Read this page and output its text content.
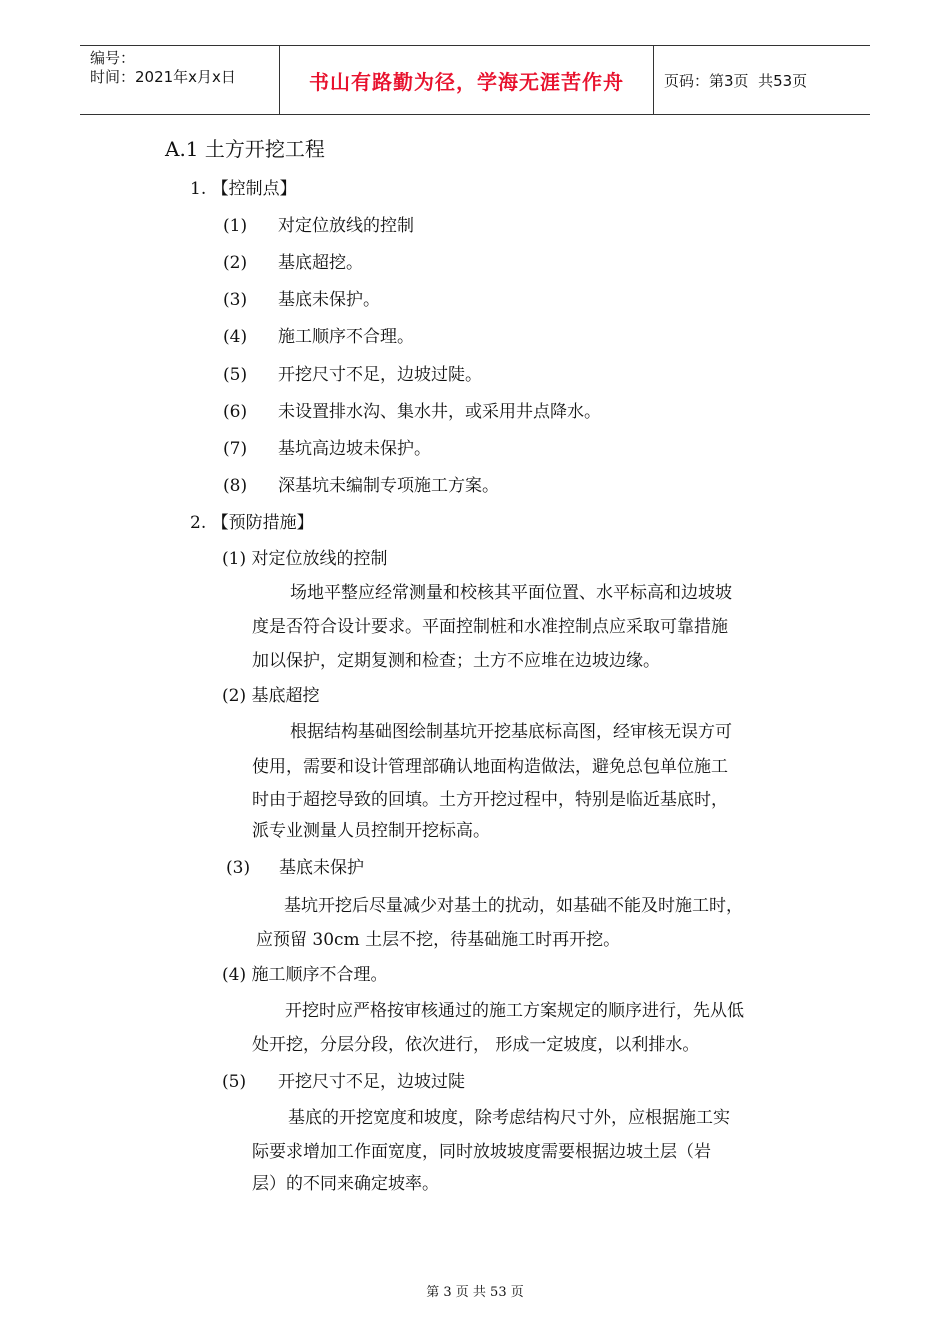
编号：
时间：2021年x月x日	书山有路勤为径，学海无涯苦作舟	页码：第3页  共53页
A.1 土方开挖工程
1. 【控制点】
(1) 对定位放线的控制
(2) 基底超挖。
(3) 基底未保护。
(4) 施工顺序不合理。
(5) 开挖尺寸不足，边坡过陡。
(6) 未设置排水沟、集水井，或采用井点降水。
(7) 基坑高边坡未保护。
(8) 深基坑未编制专项施工方案。
2. 【预防措施】
(1) 对定位放线的控制
场地平整应经常测量和校核其平面位置、水平标高和边坡坡
度是否符合设计要求。平面控制桩和水准控制点应采取可靠措施
加以保护，定期复测和检查；土方不应堆在边坡边缘。
(2) 基底超挖
根据结构基础图绘制基坑开挖基底标高图，经审核无误方可
使用，需要和设计管理部确认地面构造做法，避免总包单位施工
时由于超挖导致的回填。土方开挖过程中，特别是临近基底时，
派专业测量人员控制开挖标高。
(3) 基底未保护
基坑开挖后尽量减少对基土的扰动，如基础不能及时施工时，
应预留 30cm 土层不挖，待基础施工时再开挖。
(4) 施工顺序不合理。
开挖时应严格按审核通过的施工方案规定的顺序进行，先从低
处开挖，分层分段，依次进行， 形成一定坡度，以利排水。
(5) 开挖尺寸不足，边坡过陡
基底的开挖宽度和坡度，除考虑结构尺寸外，应根据施工实
际要求增加工作面宽度，同时放坡坡度需要根据边坡土层（岩
层）的不同来确定坡率。
第 3 页 共 53 页
